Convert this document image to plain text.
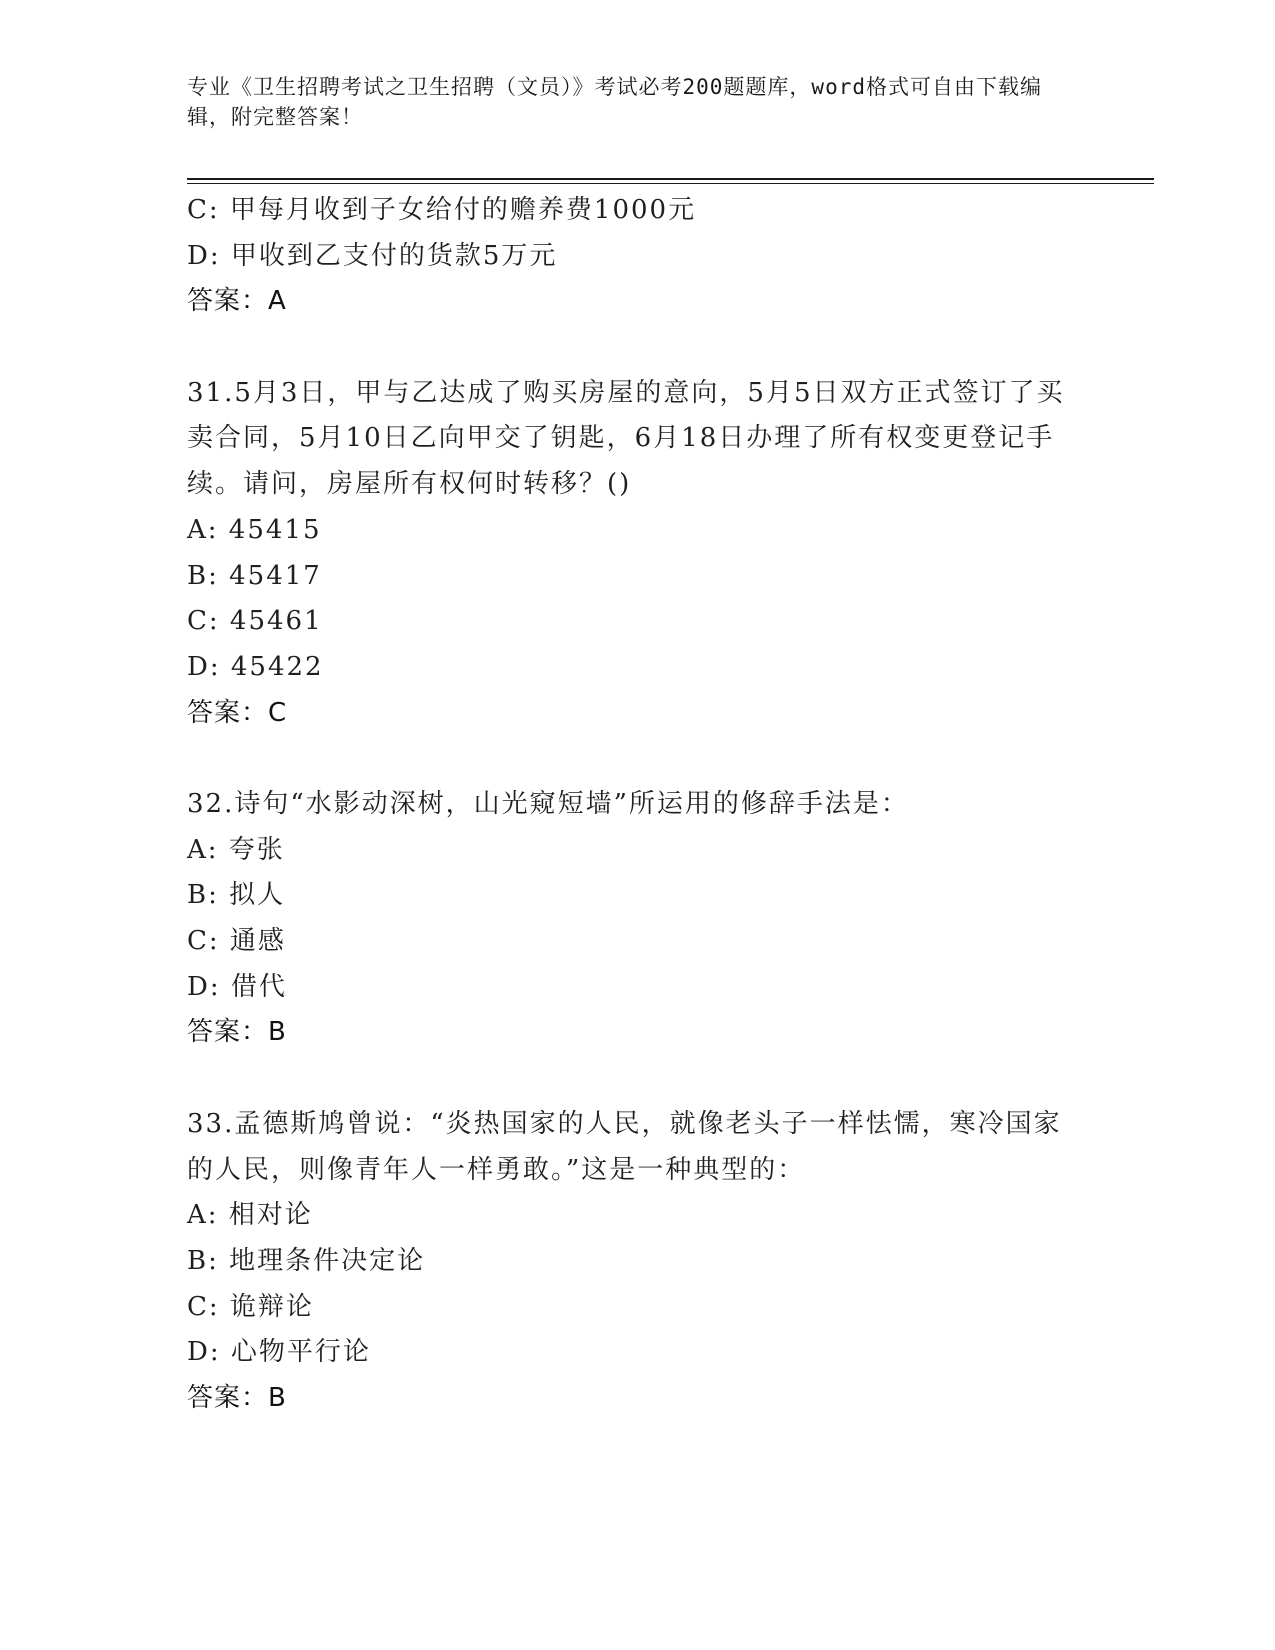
专业《卫生招聘考试之卫生招聘（文员）》考试必考200题题库，word格式可自由下载编辑，附完整答案！
C: 甲每月收到子女给付的赡养费1000元
D: 甲收到乙支付的货款5万元
答案：A
31.5月3日，甲与乙达成了购买房屋的意向，5月5日双方正式签订了买卖合同，5月10日乙向甲交了钥匙，6月18日办理了所有权变更登记手续。请问，房屋所有权何时转移？()
A: 45415
B: 45417
C: 45461
D: 45422
答案：C
32.诗句“水影动深树，山光窥短墙”所运用的修辞手法是：
A: 夸张
B: 拟人
C: 通感
D: 借代
答案：B
33.孟德斯鸠曾说：“炎热国家的人民，就像老头子一样怯懦，寒冷国家的人民，则像青年人一样勇敢。”这是一种典型的：
A: 相对论
B: 地理条件决定论
C: 诡辩论
D: 心物平行论
答案：B
